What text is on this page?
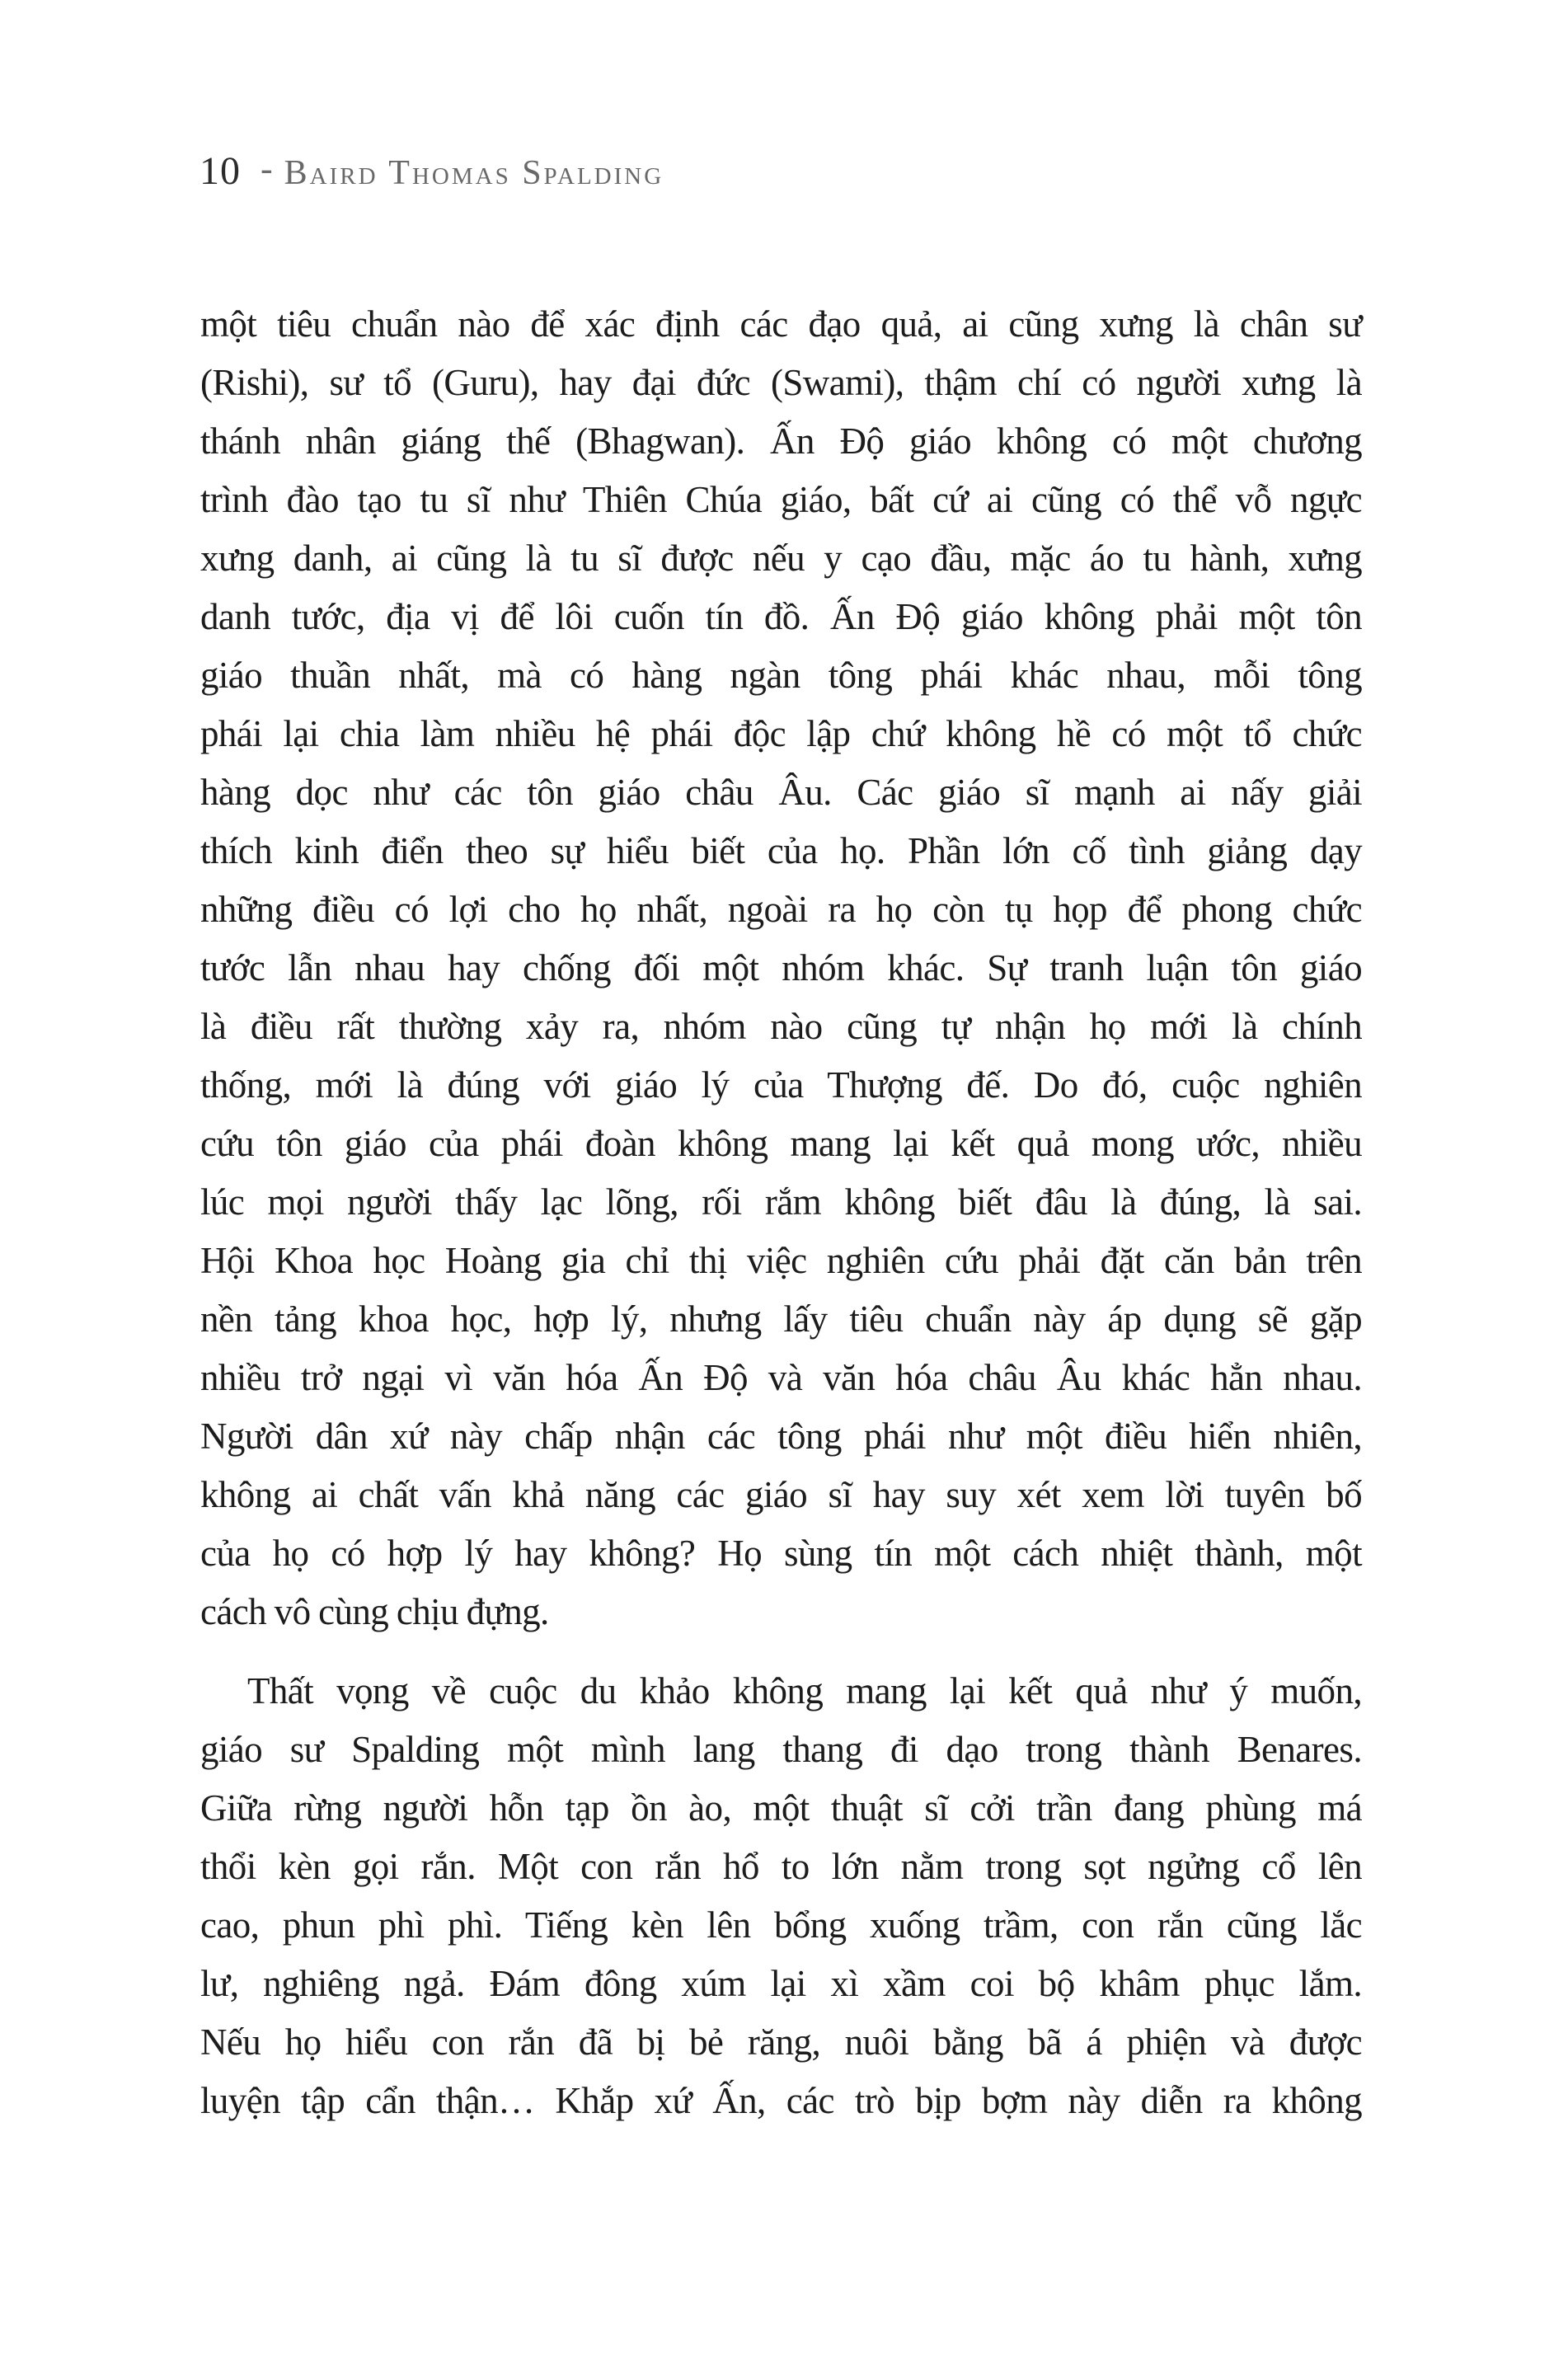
10 - Baird Thomas Spalding
một tiêu chuẩn nào để xác định các đạo quả, ai cũng xưng là chân sư
(Rishi), sư tổ (Guru), hay đại đức (Swami), thậm chí có người xưng là
thánh nhân giáng thế (Bhagwan). Ấn Độ giáo không có một chương
trình đào tạo tu sĩ như Thiên Chúa giáo, bất cứ ai cũng có thể vỗ ngực
xưng danh, ai cũng là tu sĩ được nếu y cạo đầu, mặc áo tu hành, xưng
danh tước, địa vị để lôi cuốn tín đồ. Ấn Độ giáo không phải một tôn
giáo thuần nhất, mà có hàng ngàn tông phái khác nhau, mỗi tông
phái lại chia làm nhiều hệ phái độc lập chứ không hề có một tổ chức
hàng dọc như các tôn giáo châu Âu. Các giáo sĩ mạnh ai nấy giải
thích kinh điển theo sự hiểu biết của họ. Phần lớn cố tình giảng dạy
những điều có lợi cho họ nhất, ngoài ra họ còn tụ họp để phong chức
tước lẫn nhau hay chống đối một nhóm khác. Sự tranh luận tôn giáo
là điều rất thường xảy ra, nhóm nào cũng tự nhận họ mới là chính
thống, mới là đúng với giáo lý của Thượng đế. Do đó, cuộc nghiên
cứu tôn giáo của phái đoàn không mang lại kết quả mong ước, nhiều
lúc mọi người thấy lạc lõng, rối rắm không biết đâu là đúng, là sai.
Hội Khoa học Hoàng gia chỉ thị việc nghiên cứu phải đặt căn bản trên
nền tảng khoa học, hợp lý, nhưng lấy tiêu chuẩn này áp dụng sẽ gặp
nhiều trở ngại vì văn hóa Ấn Độ và văn hóa châu Âu khác hẳn nhau.
Người dân xứ này chấp nhận các tông phái như một điều hiển nhiên,
không ai chất vấn khả năng các giáo sĩ hay suy xét xem lời tuyên bố
của họ có hợp lý hay không? Họ sùng tín một cách nhiệt thành, một
cách vô cùng chịu đựng.
Thất vọng về cuộc du khảo không mang lại kết quả như ý muốn,
giáo sư Spalding một mình lang thang đi dạo trong thành Benares.
Giữa rừng người hỗn tạp ồn ào, một thuật sĩ cởi trần đang phùng má
thổi kèn gọi rắn. Một con rắn hổ to lớn nằm trong sọt ngửng cổ lên
cao, phun phì phì. Tiếng kèn lên bổng xuống trầm, con rắn cũng lắc
lư, nghiêng ngả. Đám đông xúm lại xì xầm coi bộ khâm phục lắm.
Nếu họ hiểu con rắn đã bị bẻ răng, nuôi bằng bã á phiện và được
luyện tập cẩn thận… Khắp xứ Ấn, các trò bịp bợm này diễn ra không
